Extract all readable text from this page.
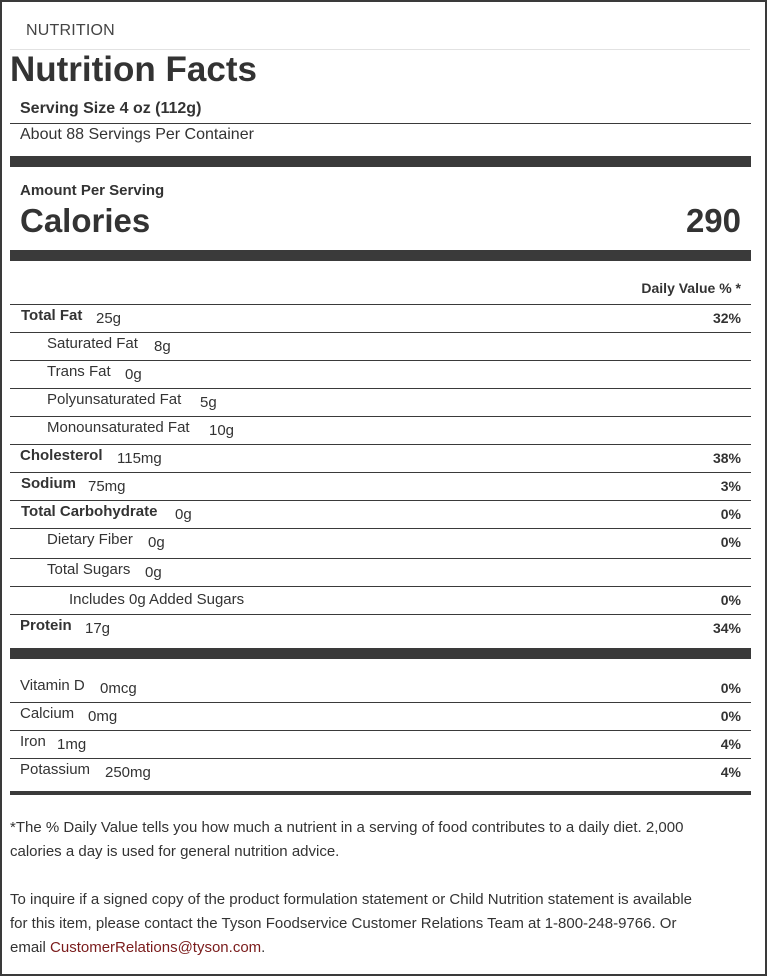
NUTRITION
Nutrition Facts
Serving Size 4 oz (112g)
About 88 Servings Per Container
Amount Per Serving
Calories	290
Daily Value % *
Total Fat 25g	32%
Saturated Fat 8g
Trans Fat 0g
Polyunsaturated Fat 5g
Monounsaturated Fat 10g
Cholesterol 115mg	38%
Sodium 75mg	3%
Total Carbohydrate 0g	0%
Dietary Fiber 0g	0%
Total Sugars 0g
Includes 0g Added Sugars	0%
Protein 17g	34%
Vitamin D 0mcg	0%
Calcium 0mg	0%
Iron 1mg	4%
Potassium 250mg	4%
*The % Daily Value tells you how much a nutrient in a serving of food contributes to a daily diet. 2,000
calories a day is used for general nutrition advice.
To inquire if a signed copy of the product formulation statement or Child Nutrition statement is available
for this item, please contact the Tyson Foodservice Customer Relations Team at 1-800-248-9766. Or
email CustomerRelations@tyson.com.
